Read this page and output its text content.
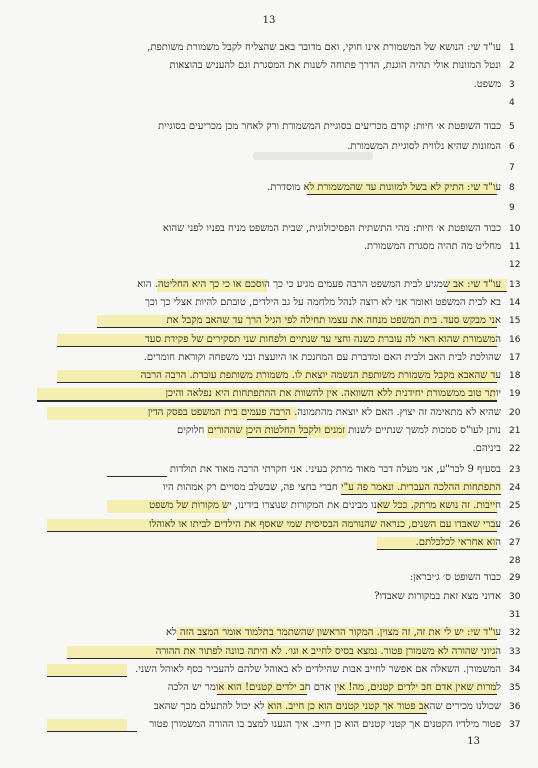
13
1
עו"ד שי: הנושא של המשמורת אינו חוקי, ואם מדובר באב שהצליח לקבל משמורת משותפת,
2
ונטל המזונות אולי תהיה הוגנת, הדרך פתוחה לשנות את המסגרת וגם להעניש בהוצאות
3
משפט.
4
5
כבוד השופטת א׳ חיות: קודם מכריעים בסוגיית המשמורת ורק לאחר מכן מכריעים בסוגיית
6
המזונות שהיא נלווית לסוגיית המשמורת.
7
8
עו"ד שי: התיק לא בשל למזונות עד שהמשמורת לא מוסדרת.
9
10
כבוד השופטת א׳ חיות: מהי התשתית הפסיכולוגית, שבית המשפט מניח בפניו לפני שהוא
11
מחליט מה תהיה מסגרת המשמורת.
12
13
עו"ד שי: אב שמגיע לבית המשפט הרבה פעמים מגיע כי כך הוסכם או כי כך היא החליטה. הוא
14
בא לבית המשפט ואומר אני לא רוצה לנהל מלחמה על גב הילדים, טובתם להיות אצלי כך וכך
15
אני מבקש סעד. בית המשפט מנחה את עצמו תחילה לפי הגיל הרך עד שהאב מקבל את
16
המשמורת שהוא ראוי לה עוברת כשנה וחצי עד שנתיים ולפחות שני תסקירים של פקידת סעד
17
שהולכת לבית האב ולבית האם ומדברת עם המחנכת או היועצת ובני משפחה וקוראת חומרים.
18
עד שהאבא מקבל משמורת משותפת הנשמה יוצאת לו. משמורת משותפת עובדת. הרבה הרבה
19
יותר טוב ממשמורת יחידנית ללא השוואה. אין להשוות את ההתפתחות היא נפלאה והיכן
20
שהיא לא מתאימה זה יצוץ. האם לא יוצאת מהתמונה. הרבה פעמים בית המשפט בפסק הדין
21
נותן לעו"ס סמכות למשך שנתיים לשנות זמנים ולקבל החלטות היכן שההורים חלוקים
22
ביניהם.
23
בסעיף 9 לבר"ע, אני מעלה דבר מאוד מרתק בעיני. אני חקרתי הרבה מאוד את תולדות
24
התפתחות ההלכה העברית. ונאמר פה ע"י חברי בחצי פה, שבשלב מסויים רק אמהות היו
25
חייבות. זה נושא מרתק. ככל שאנו מבינים את המקורות שנוצרו בידינו, יש מקורות של משפט
26
עברי שאבדו עם השנים, כנראה שהנורמה הבסיסית שמי שאסף את הילדים לביתו או לאוהלו
27
הוא אחראי לכלכלתם.
28
29
כבוד השופט ס׳ ג׳יבראן:
30
אדוני מצא זאת במקורות שאבדו?
31
32
עו"ד שי: יש לי את זה, זה מצוין. המקור הראשון שהשתמר בתלמוד אומר המצב הזה לא
33
הגיוני שהורה לא משמורן פטור. נמצא בסיס לחייב א וגו׳. לא היתה כוונה לפתור את ההורה
34
המשמורן. השאלה אם אפשר לחייב אבות שהילדים לא באוהל שלהם להעביר כסף לאוהל השני.
35
למרות שאין אדם חב ילדים קטנים, מה! אין אדם חב ילדים קטנים! הוא אומר יש הלכה
36
שכולנו מכירים שהאב פטור אך קטני קטנים הוא כן חייב. הוא לא יכול להתעלם מכך שהאב
37
פטור מילדיו הקטנים אך קטני קטנים הוא כן חייב. איך הגענו למצב בו ההורה המשמורן פטור
13
